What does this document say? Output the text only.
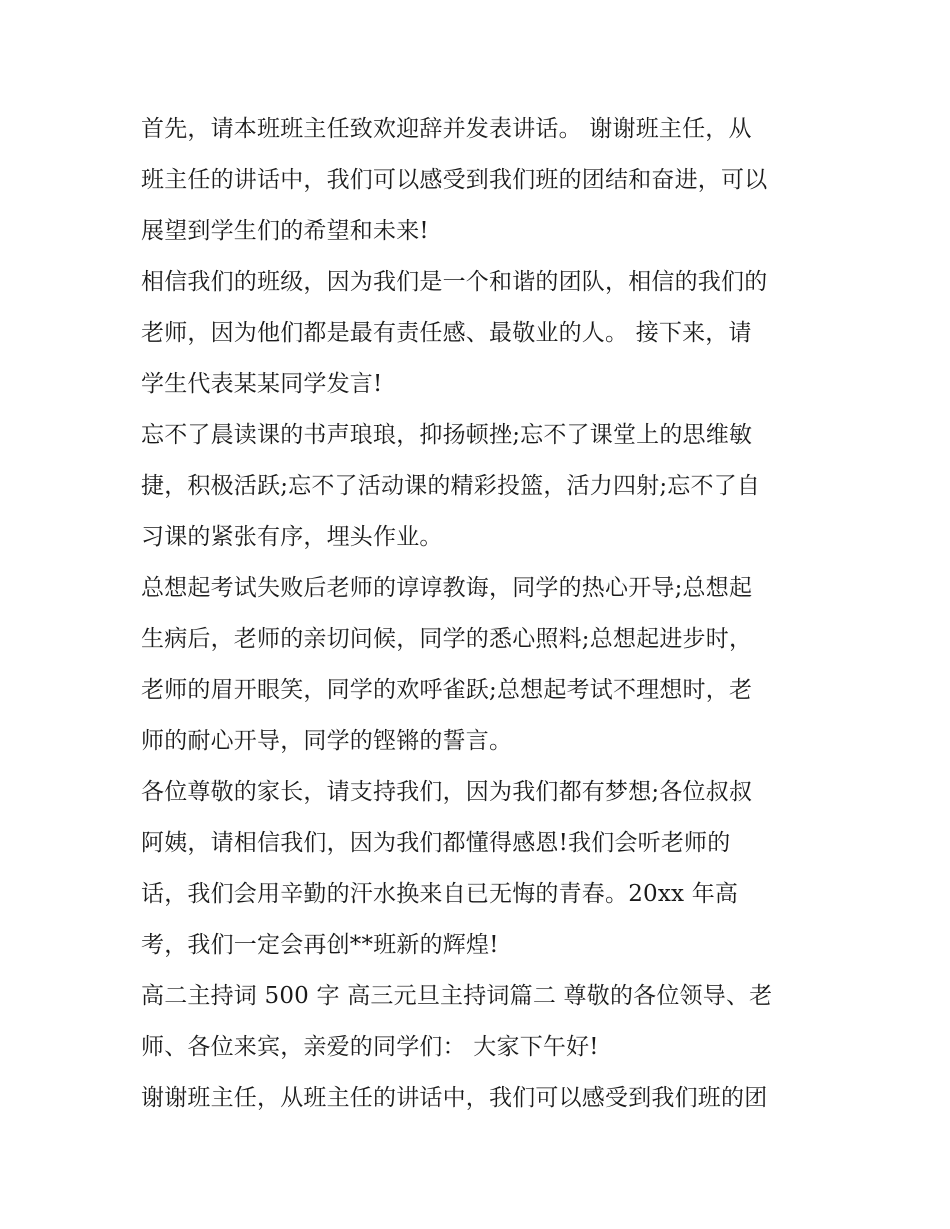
首先，请本班班主任致欢迎辞并发表讲话。 谢谢班主任，从
班主任的讲话中，我们可以感受到我们班的团结和奋进，可以
展望到学生们的希望和未来!
相信我们的班级，因为我们是一个和谐的团队，相信的我们的
老师，因为他们都是最有责任感、最敬业的人。 接下来，请
学生代表某某同学发言!
忘不了晨读课的书声琅琅，抑扬顿挫;忘不了课堂上的思维敏
捷，积极活跃;忘不了活动课的精彩投篮，活力四射;忘不了自
习课的紧张有序，埋头作业。
总想起考试失败后老师的谆谆教诲，同学的热心开导;总想起
生病后，老师的亲切问候，同学的悉心照料;总想起进步时，
老师的眉开眼笑，同学的欢呼雀跃;总想起考试不理想时，老
师的耐心开导，同学的铿锵的誓言。
各位尊敬的家长，请支持我们，因为我们都有梦想;各位叔叔
阿姨，请相信我们，因为我们都懂得感恩!我们会听老师的
话，我们会用辛勤的汗水换来自已无悔的青春。20xx 年高
考，我们一定会再创**班新的辉煌!
高二主持词 500 字 高三元旦主持词篇二 尊敬的各位领导、老
师、各位来宾，亲爱的同学们： 大家下午好!
谢谢班主任，从班主任的讲话中，我们可以感受到我们班的团
